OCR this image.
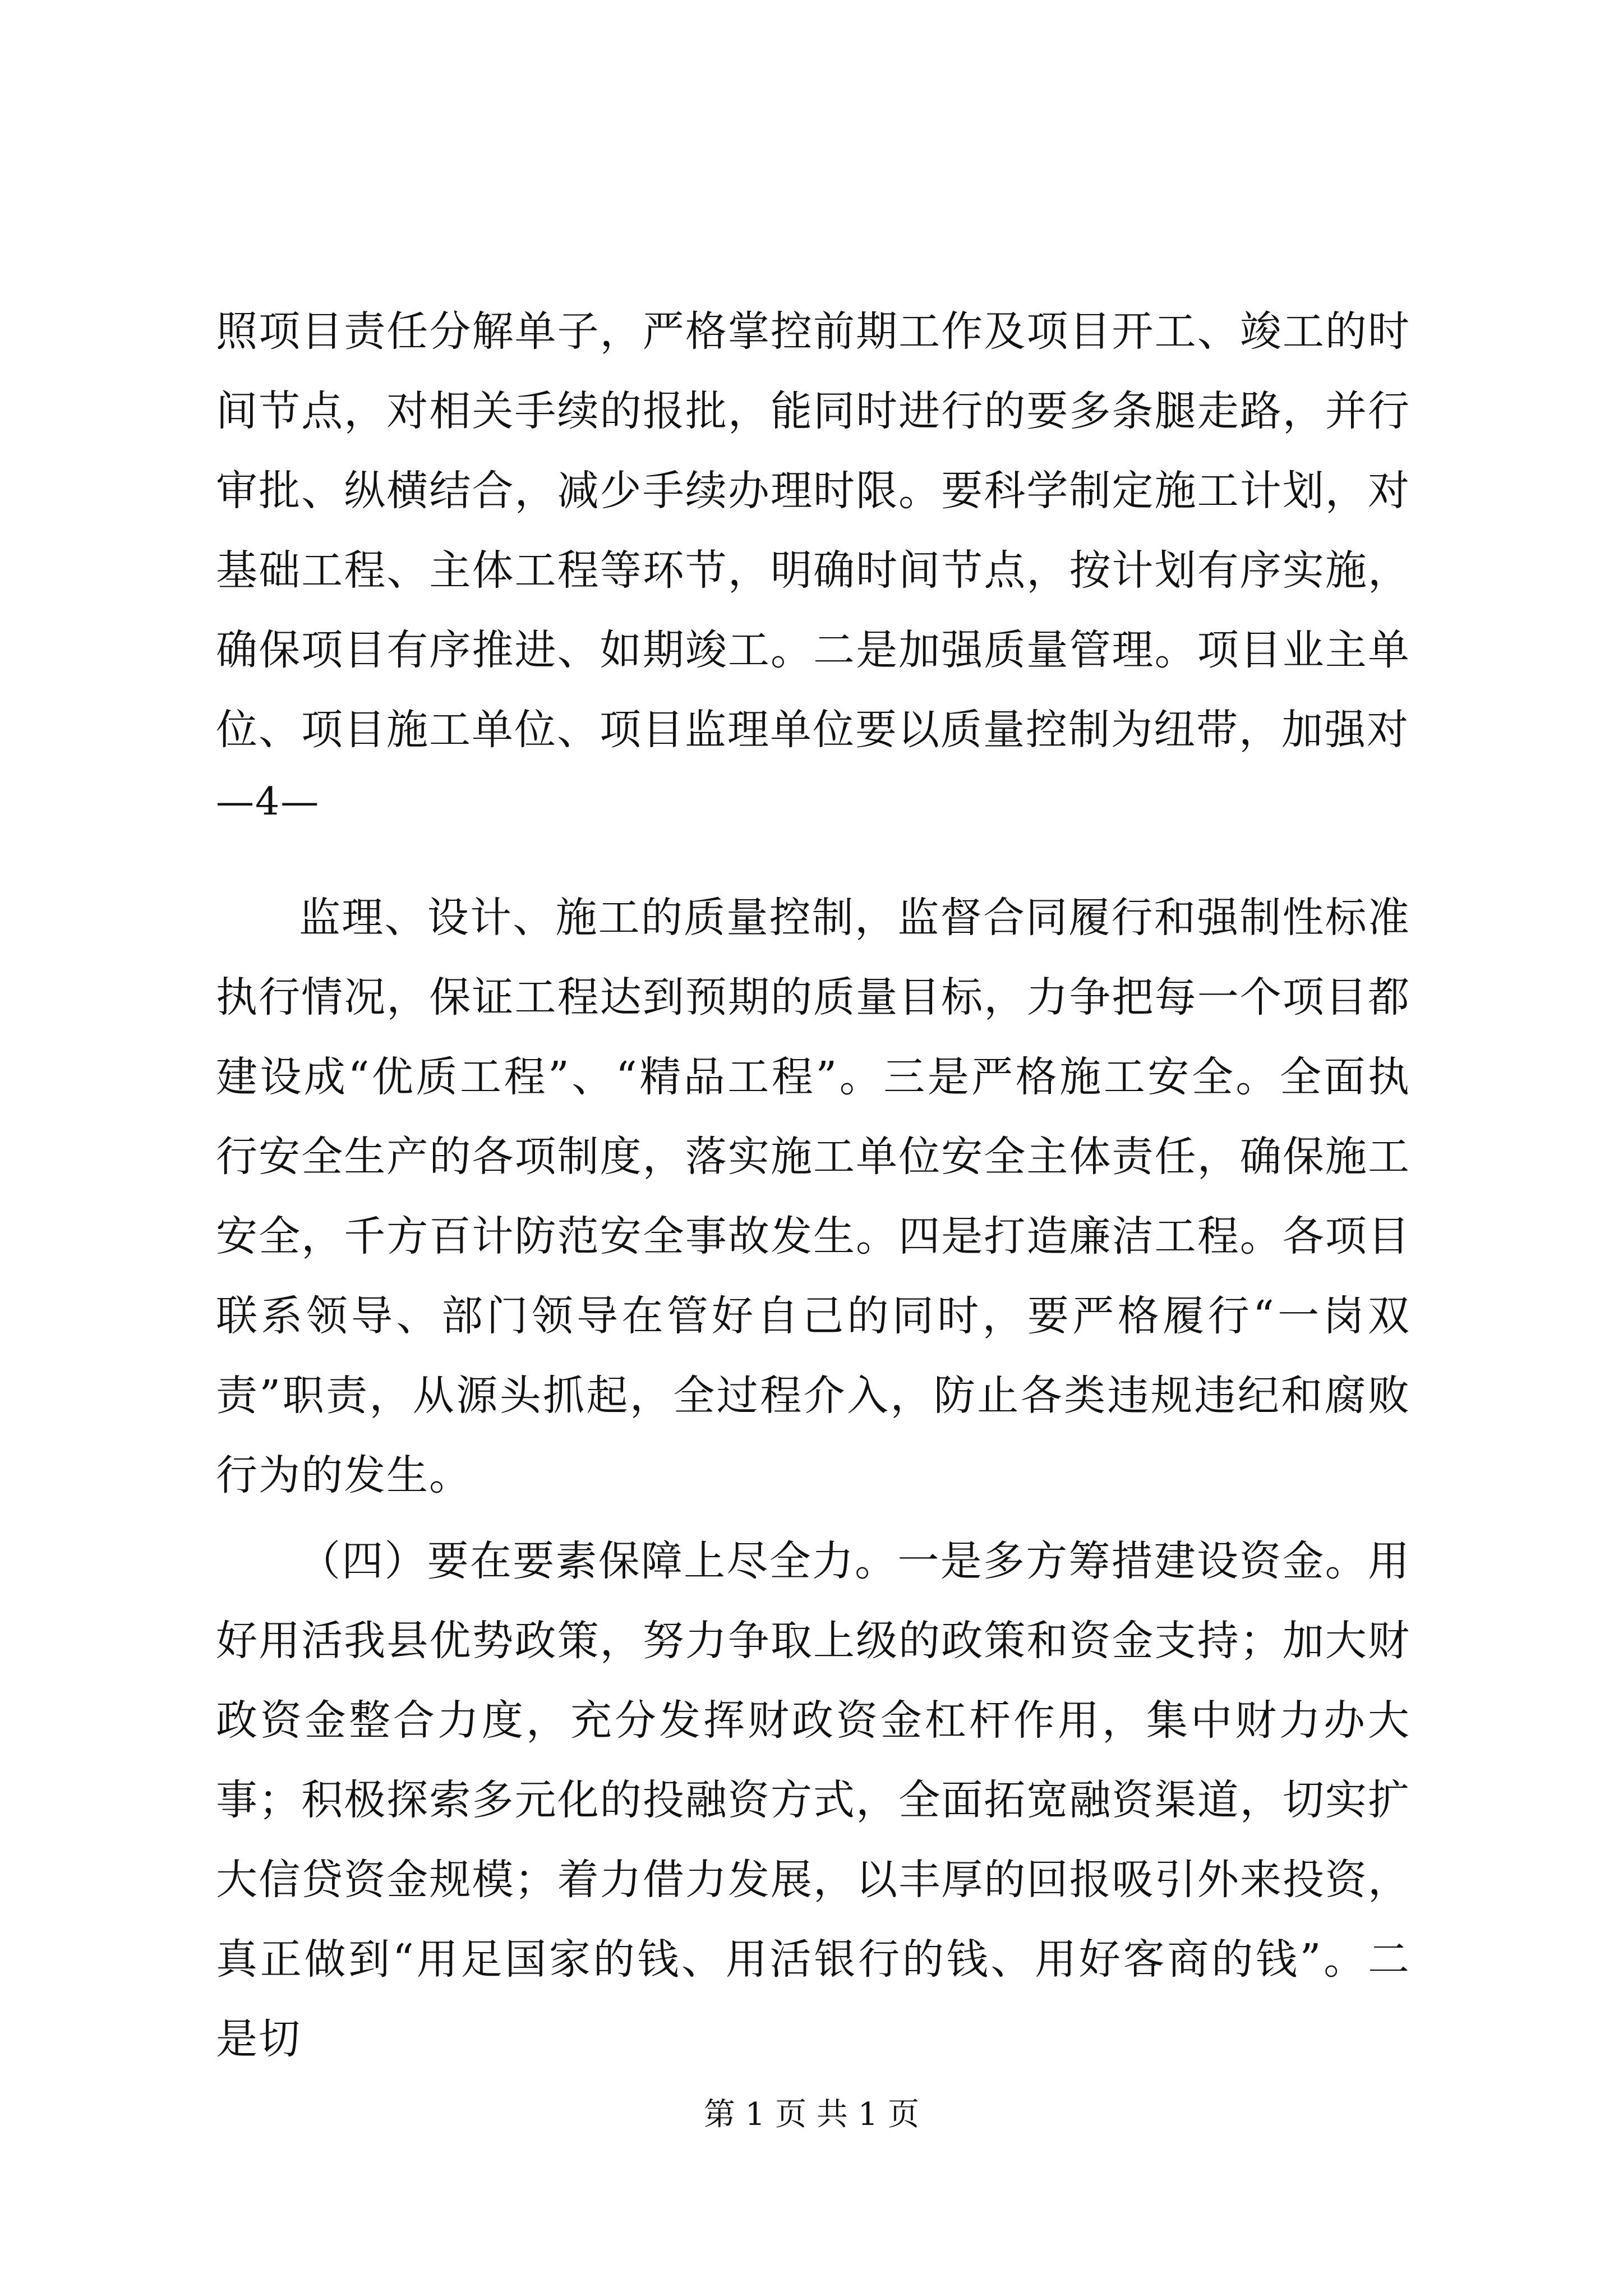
照项目责任分解单子，严格掌控前期工作及项目开工、竣工的时间节点，对相关手续的报批，能同时进行的要多条腿走路，并行审批、纵横结合，减少手续办理时限。要科学制定施工计划，对基础工程、主体工程等环节，明确时间节点，按计划有序实施，确保项目有序推进、如期竣工。二是加强质量管理。项目业主单位、项目施工单位、项目监理单位要以质量控制为纽带，加强对

—4—

监理、设计、施工的质量控制，监督合同履行和强制性标准执行情况，保证工程达到预期的质量目标，力争把每一个项目都建设成“优质工程”、“精品工程”。三是严格施工安全。全面执行安全生产的各项制度，落实施工单位安全主体责任，确保施工安全，千方百计防范安全事故发生。四是打造廉洁工程。各项目联系领导、部门领导在管好自己的同时，要严格履行“一岗双责”职责，从源头抓起，全过程介入，防止各类违规违纪和腐败行为的发生。

（四）要在要素保障上尽全力。一是多方筹措建设资金。用好用活我县优势政策，努力争取上级的政策和资金支持；加大财政资金整合力度，充分发挥财政资金杠杆作用，集中财力办大事；积极探索多元化的投融资方式，全面拓宽融资渠道，切实扩大信贷资金规模；着力借力发展，以丰厚的回报吸引外来投资，真正做到“用足国家的钱、用活银行的钱、用好客商的钱”。二是切

第 1 页 共 1 页
